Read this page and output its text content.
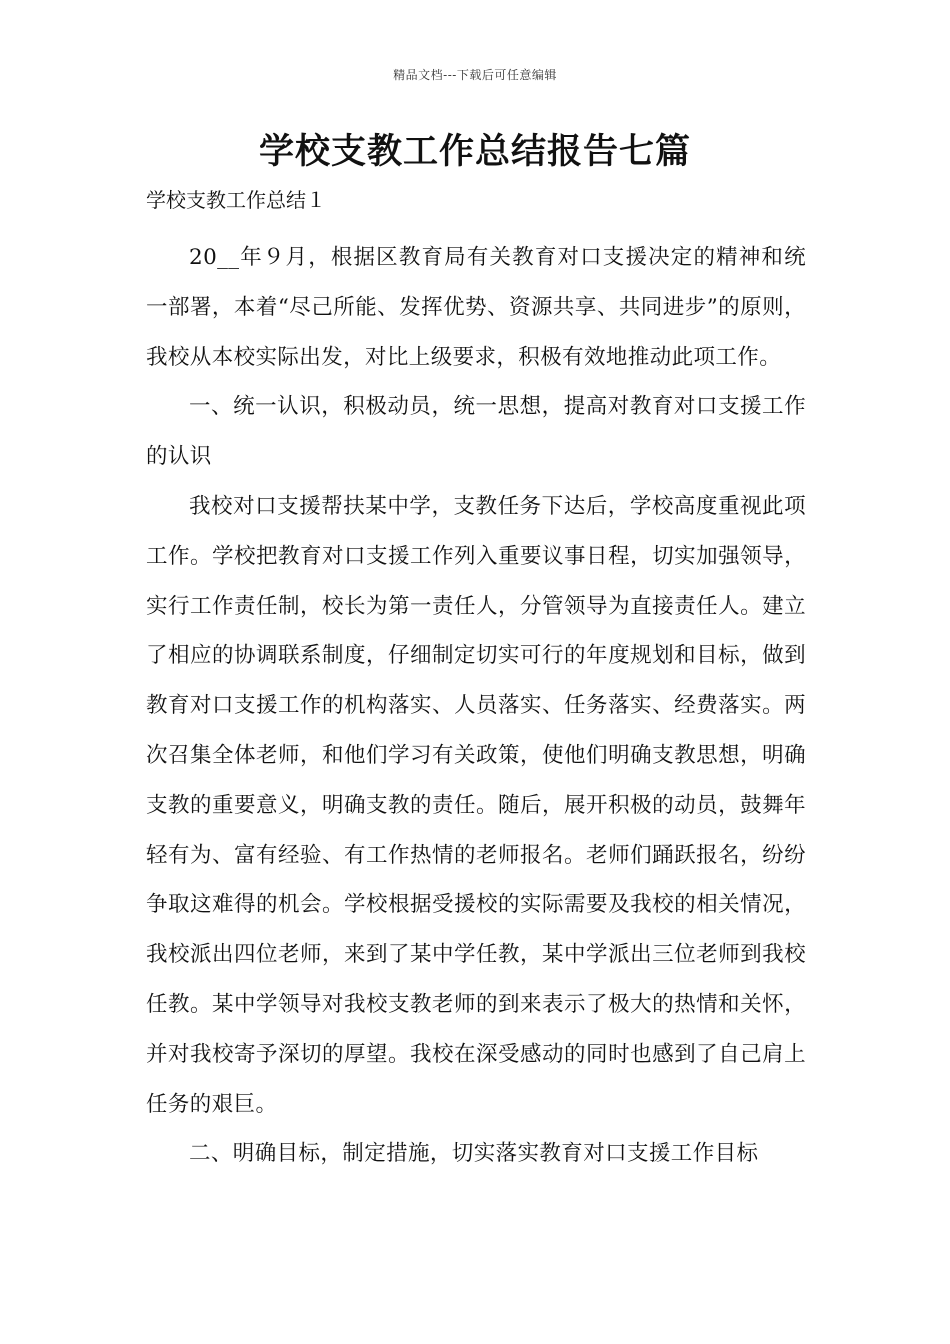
精品文档---下载后可任意编辑
学校支教工作总结报告七篇

学校支教工作总结１

20__年９月，根据区教育局有关教育对口支援决定的精神和统一部署，本着“尽己所能、发挥优势、资源共享、共同进步”的原则，我校从本校实际出发，对比上级要求，积极有效地推动此项工作。

一、统一认识，积极动员，统一思想，提高对教育对口支援工作的认识

我校对口支援帮扶某中学，支教任务下达后，学校高度重视此项工作。学校把教育对口支援工作列入重要议事日程，切实加强领导，实行工作责任制，校长为第一责任人，分管领导为直接责任人。建立了相应的协调联系制度，仔细制定切实可行的年度规划和目标，做到教育对口支援工作的机构落实、人员落实、任务落实、经费落实。两次召集全体老师，和他们学习有关政策，使他们明确支教思想，明确支教的重要意义，明确支教的责任。随后，展开积极的动员，鼓舞年轻有为、富有经验、有工作热情的老师报名。老师们踊跃报名，纷纷争取这难得的机会。学校根据受援校的实际需要及我校的相关情况，我校派出四位老师，来到了某中学任教，某中学派出三位老师到我校任教。某中学领导对我校支教老师的到来表示了极大的热情和关怀，并对我校寄予深切的厚望。我校在深受感动的同时也感到了自己肩上任务的艰巨。

二、明确目标，制定措施，切实落实教育对口支援工作目标
